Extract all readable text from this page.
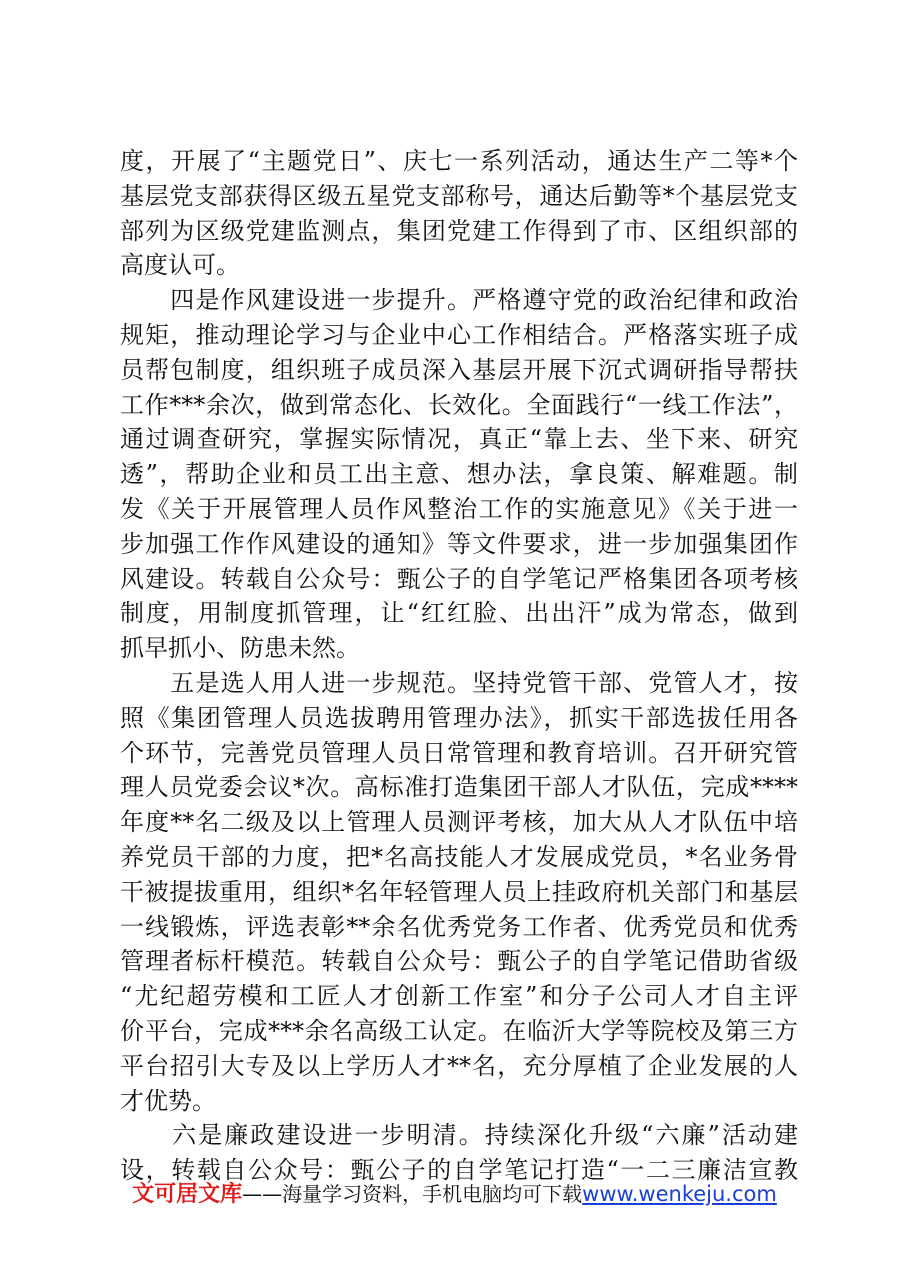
度，开展了“主题党日”、庆七一系列活动，通达生产二等*个
基层党支部获得区级五星党支部称号，通达后勤等*个基层党支
部列为区级党建监测点，集团党建工作得到了市、区组织部的
高度认可。
　　四是作风建设进一步提升。严格遵守党的政治纪律和政治
规矩，推动理论学习与企业中心工作相结合。严格落实班子成
员帮包制度，组织班子成员深入基层开展下沉式调研指导帮扶
工作***余次，做到常态化、长效化。全面践行“一线工作法”，
通过调查研究，掌握实际情况，真正“靠上去、坐下来、研究
透”，帮助企业和员工出主意、想办法，拿良策、解难题。制
发《关于开展管理人员作风整治工作的实施意见》《关于进一
步加强工作作风建设的通知》等文件要求，进一步加强集团作
风建设。转载自公众号：甄公子的自学笔记严格集团各项考核
制度，用制度抓管理，让“红红脸、出出汗”成为常态，做到
抓早抓小、防患未然。
　　五是选人用人进一步规范。坚持党管干部、党管人才，按
照《集团管理人员选拔聘用管理办法》，抓实干部选拔任用各
个环节，完善党员管理人员日常管理和教育培训。召开研究管
理人员党委会议*次。高标准打造集团干部人才队伍，完成****
年度**名二级及以上管理人员测评考核，加大从人才队伍中培
养党员干部的力度，把*名高技能人才发展成党员，*名业务骨
干被提拔重用，组织*名年轻管理人员上挂政府机关部门和基层
一线锻炼，评选表彰**余名优秀党务工作者、优秀党员和优秀
管理者标杆模范。转载自公众号：甄公子的自学笔记借助省级
“尤纪超劳模和工匠人才创新工作室”和分子公司人才自主评
价平台，完成***余名高级工认定。在临沂大学等院校及第三方
平台招引大专及以上学历人才**名，充分厚植了企业发展的人
才优势。
　　六是廉政建设进一步明清。持续深化升级“六廉”活动建
设，转载自公众号：甄公子的自学笔记打造“一二三廉洁宣教
文可居文库——海量学习资料，手机电脑均可下载www.wenkeju.com
